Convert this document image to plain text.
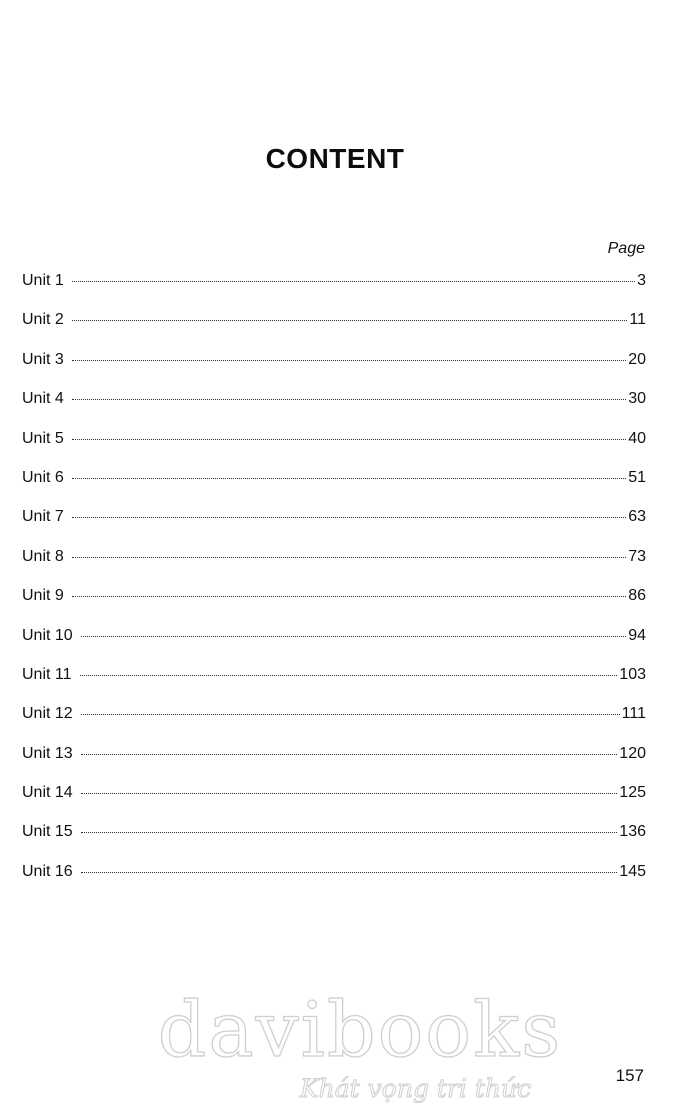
CONTENT
Page
Unit 1	3
Unit 2	11
Unit 3	20
Unit 4	30
Unit 5	40
Unit 6	51
Unit 7	63
Unit 8	73
Unit 9	86
Unit 10	94
Unit 11	103
Unit 12	111
Unit 13	120
Unit 14	125
Unit 15	136
Unit 16	145
davibooks
Khát vọng tri thức	157
